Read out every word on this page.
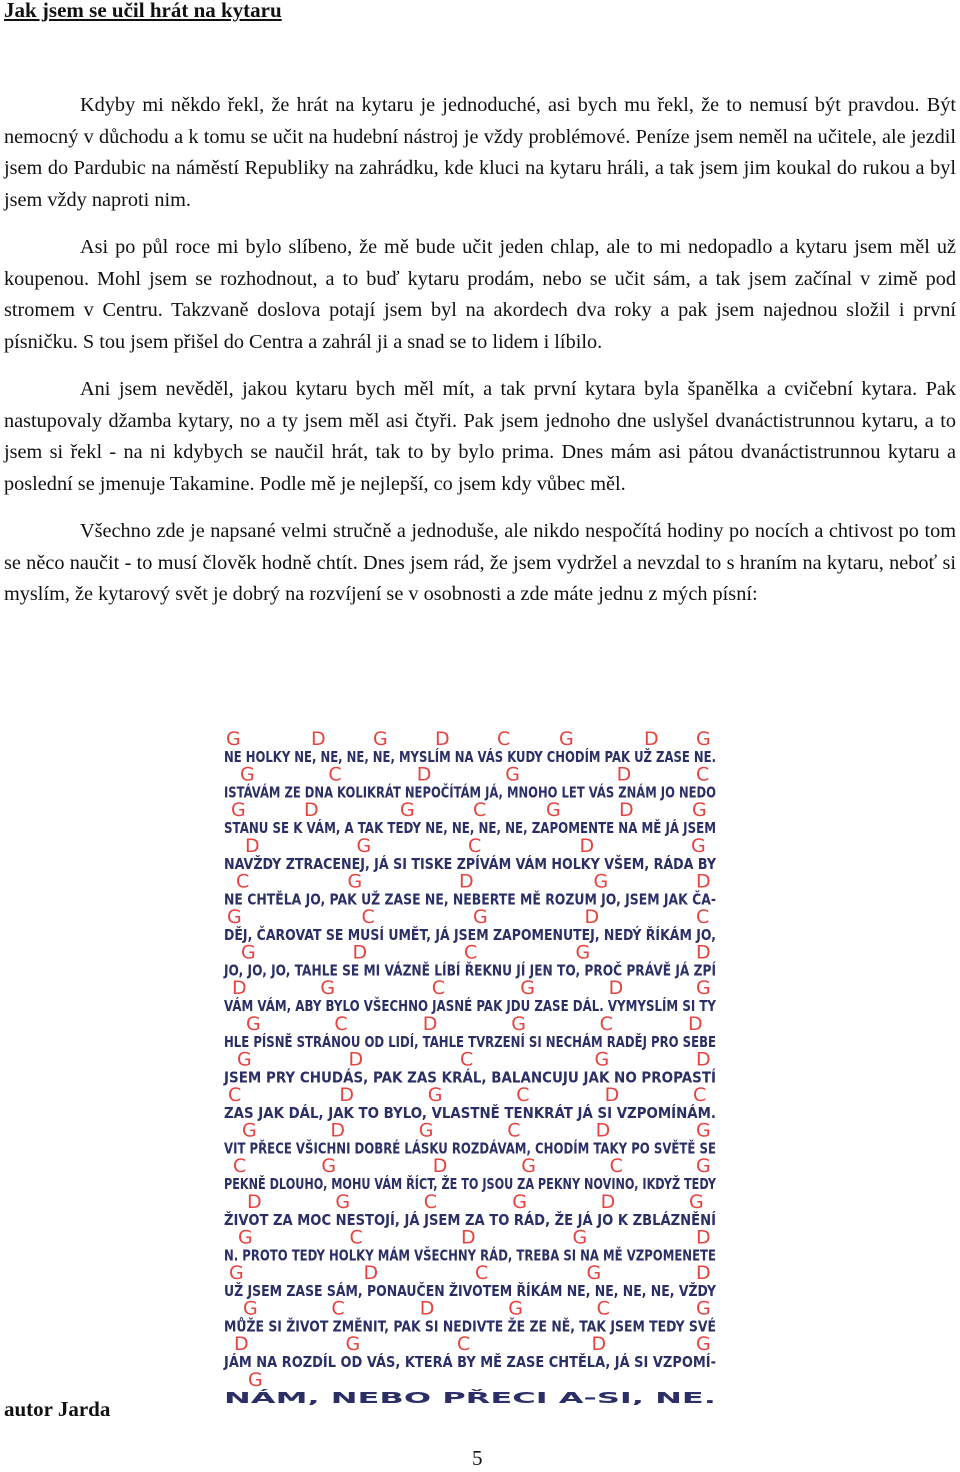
Jak jsem se učil hrát na kytaru

Kdyby mi někdo řekl, že hrát na kytaru je jednoduché, asi bych mu řekl, že to nemusí být pravdou. Být nemocný v důchodu a k tomu se učit na hudební nástroj je vždy problémové. Peníze jsem neměl na učitele, ale jezdil jsem do Pardubic na náměstí Republiky na zahrádku, kde kluci na kytaru hráli, a tak jsem jim koukal do rukou a byl jsem vždy naproti nim.

Asi po půl roce mi bylo slíbeno, že mě bude učit jeden chlap, ale to mi nedopadlo a kytaru jsem měl už koupenou. Mohl jsem se rozhodnout, a to buď kytaru prodám, nebo se učit sám, a tak jsem začínal v zimě pod stromem v Centru. Takzvaně doslova potají jsem byl na akordech dva roky a pak jsem najednou složil i první písničku. S tou jsem přišel do Centra a zahrál ji a snad se to lidem i líbilo.

Ani jsem nevěděl, jakou kytaru bych měl mít, a tak první kytara byla španělka a cvičební kytara. Pak nastupovaly džamba kytary, no a ty jsem měl asi čtyři. Pak jsem jednoho dne uslyšel dvanáctistrunnou kytaru, a to jsem si řekl - na ni kdybych se naučil hrát, tak to by bylo prima. Dnes mám asi pátou dvanáctistrunnou kytaru a poslední se jmenuje Takamine. Podle mě je nejlepší, co jsem kdy vůbec měl.

Všechno zde je napsané velmi stručně a jednoduše, ale nikdo nespočítá hodiny po nocích a chtivost po tom se něco naučit - to musí člověk hodně chtít. Dnes jsem rád, že jsem vydržel a nevzdal to s hraním na kytaru, neboť si myslím, že kytarový svět je dobrý na rozvíjení se v osobnosti a zde máte jednu z mých písní:

NE HOLKY NE, NE, NE, NE, MYSLÍM NA VÁS KUDY CHODÍM PAK UŽ ZASE NE.
G	D G D C	G	D G
ISTÁVÁM ZE DNA KOLIKRÁT NEPOČÍTÁM JÁ, MNOHO LET VÁS ZNÁM JO NEDO
G	C	D	G	D	C
STANU SE K VÁM, A TAK TEDY NE, NE, NE, NE, ZAPOMENTE NA MĚ JÁ JSEM
G	D	G	C	G	D	G
NAVŽDY ZTRACENEJ, JÁ SI TISKE ZPÍVÁM VÁM HOLKY VŠEM, RÁDA BY
D	G	C	D	G
NE CHTĚLA JO, PAK UŽ ZASE NE, NEBERTE MĚ ROZUM JO, JSEM JAK ČA-
C	G	D	G	D
DĚJ, ČAROVAT SE MUSÍ UMĚT, JÁ JSEM ZAPOMENUTEJ, NEDÝ ŘÍKÁM JO,
G	C	G	D	C
JO, JO, JO, TAHLE SE MI VÁZNĚ LÍBÍ ŘEKNU JÍ JEN TO, PROČ PRÁVĚ JÁ ZPÍ
G	D	C	G	D
VÁM VÁM, ABY BYLO VŠECHNO JASNÉ PAK JDU ZASE DÁL. VYMYSLÍM SI TY
D	G	C	G	D	G
HLE PÍSNĚ STRÁNOU OD LIDÍ, TAHLE TVRZENÍ SI NECHÁM RADĚJ PRO SEBE
G	C	D	G	C	D
JSEM PRY CHUDÁS, PAK ZAS KRÁL, BALANCUJU JAK NO PROPASTÍ
G	D	C	G	D
ZAS JAK DÁL, JAK TO BYLO, VLASTNĚ TENKRÁT JÁ SI VZPOMÍNÁM.
C	D	G	C	D	C
VIT PŘECE VŠICHNI DOBRÉ LÁSKU ROZDÁVAM, CHODÍM TAKY PO SVĚTĚ SE
G	D	G	C	D	G
PEKNĚ DLOUHO, MOHU VÁM ŘÍCT, ŽE TO JSOU ZA PEKNY NOVINO, IKDYŽ TEDY
C	G	D	G	C	G
ŽIVOT ZA MOC NESTOJÍ, JÁ JSEM ZA TO RÁD, ŽE JÁ JO K ZBLÁZNĚNÍ
D	G	C	G	D	G
N. PROTO TEDY HOLKY MÁM VŠECHNY RÁD, TREBA SI NA MĚ VZPOMENETE
G	C	D	G	D
UŽ JSEM ZASE SÁM, PONAUČEN ŽIVOTEM ŘÍKÁM NE, NE, NE, NE, VŽDY
G	D	C	G	D
MŮŽE SI ŽIVOT ZMĚNIT, PAK SI NEDIVTE ŽE ZE NĚ, TAK JSEM TEDY SVÉ
G	C	D	G	C	G
JÁM NA ROZDÍL OD VÁS, KTERÁ BY MĚ ZASE CHTĚLA, JÁ SI VZPOMÍ-
D	G	C	D	G
NÁM, NEBO PŘECI A-SI, NE.
G
autor Jarda
5
